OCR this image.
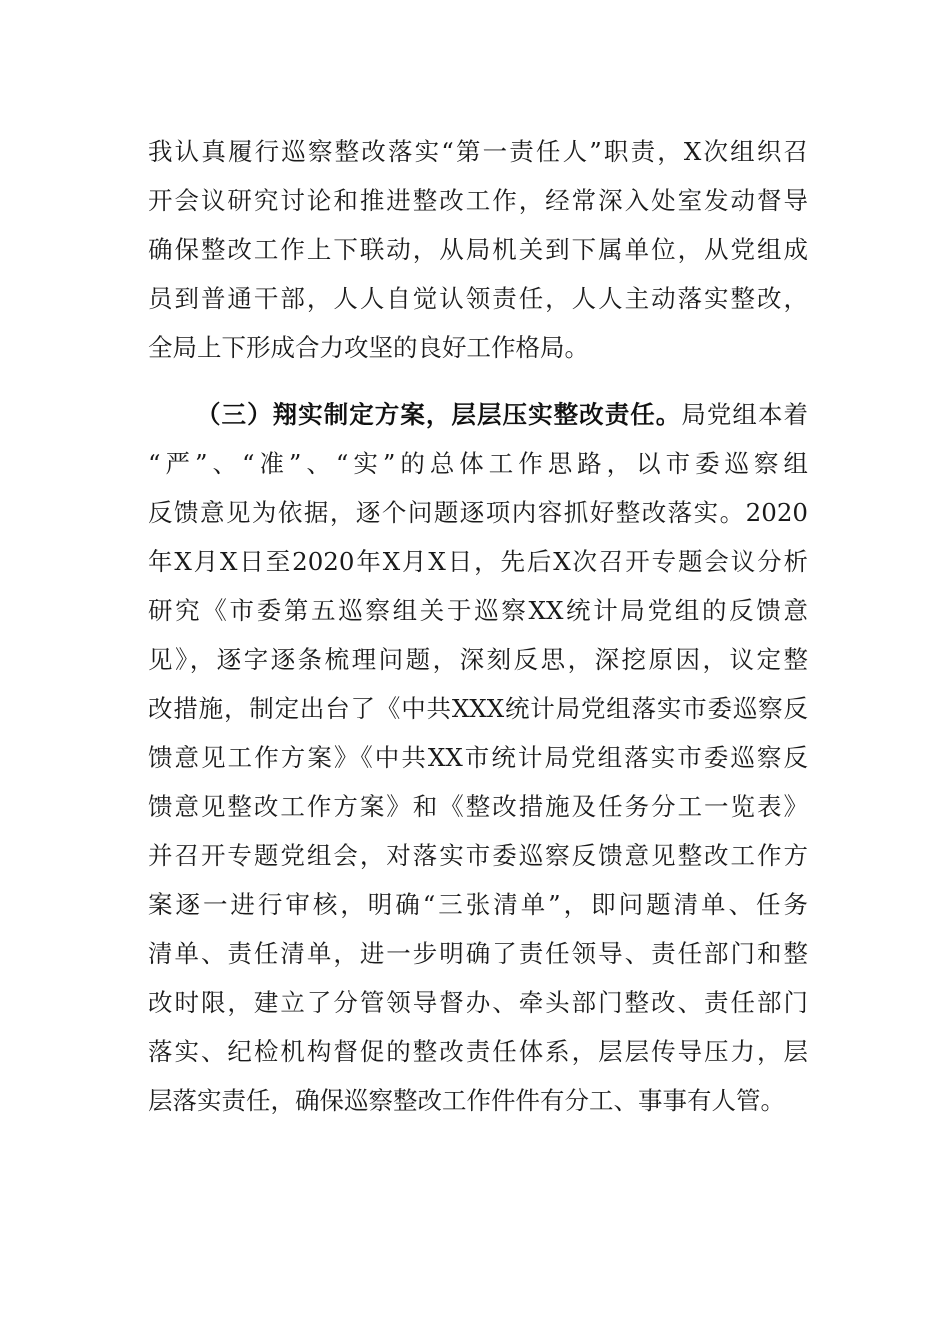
我认真履行巡察整改落实“第一责任人”职责，X次组织召
开会议研究讨论和推进整改工作，经常深入处室发动督导
确保整改工作上下联动，从局机关到下属单位，从党组成
员到普通干部，人人自觉认领责任，人人主动落实整改，
全局上下形成合力攻坚的良好工作格局。
（三）翔实制定方案，层层压实整改责任。局党组本着
“严”、“准”、“实”的总体工作思路，以市委巡察组
反馈意见为依据，逐个问题逐项内容抓好整改落实。2020
年X月X日至2020年X月X日，先后X次召开专题会议分析
研究《市委第五巡察组关于巡察XX统计局党组的反馈意
见》，逐字逐条梳理问题，深刻反思，深挖原因，议定整
改措施，制定出台了《中共XXX统计局党组落实市委巡察反
馈意见工作方案》《中共XX市统计局党组落实市委巡察反
馈意见整改工作方案》和《整改措施及任务分工一览表》
并召开专题党组会，对落实市委巡察反馈意见整改工作方
案逐一进行审核，明确“三张清单”，即问题清单、任务
清单、责任清单，进一步明确了责任领导、责任部门和整
改时限，建立了分管领导督办、牵头部门整改、责任部门
落实、纪检机构督促的整改责任体系，层层传导压力，层
层落实责任，确保巡察整改工作件件有分工、事事有人管。
